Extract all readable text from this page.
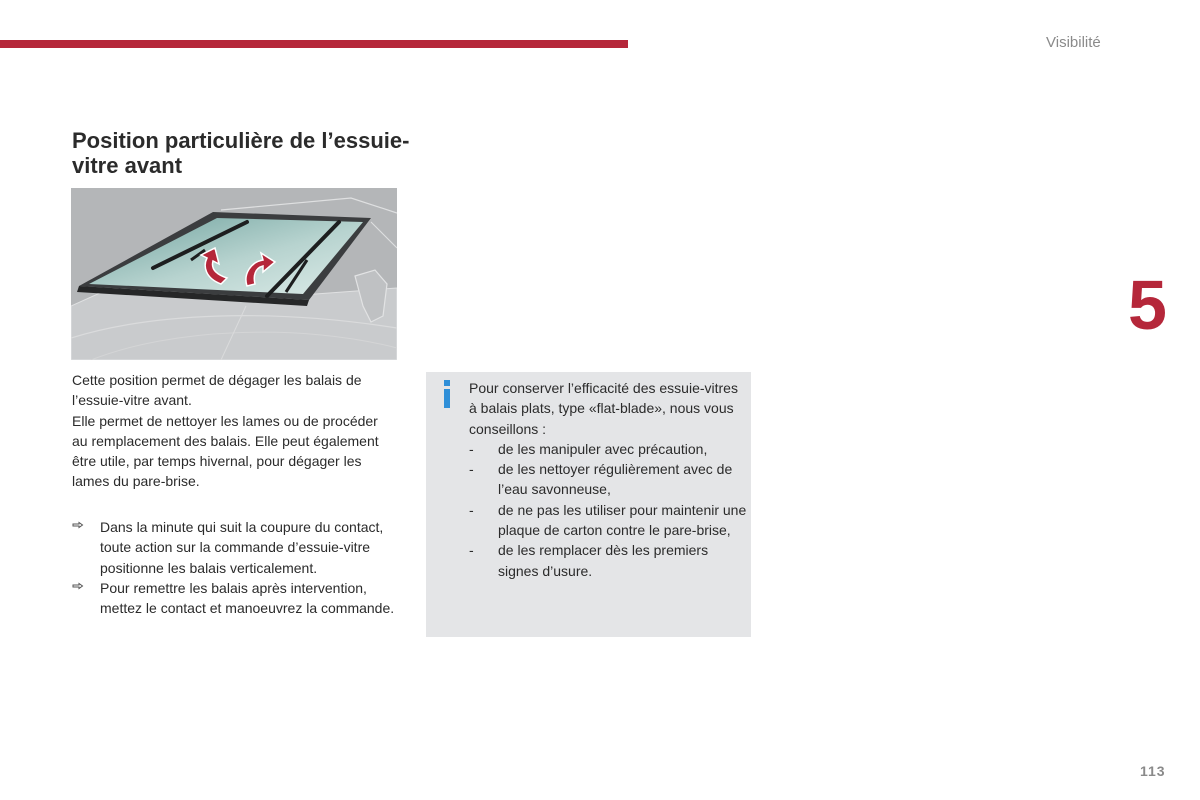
Visibilité
5
113
Position particulière de l’essuie-vitre avant

Cette position permet de dégager les balais de l’essuie-vitre avant.

Elle permet de nettoyer les lames ou de procéder au remplacement des balais. Elle peut également être utile, par temps hivernal, pour dégager les lames du pare-brise.

Dans la minute qui suit la coupure du contact, toute action sur la commande d’essuie-vitre positionne les balais verticalement.
Pour remettre les balais après intervention, mettez le contact et manoeuvrez la commande.

Pour conserver l’efficacité des essuie-vitres à balais plats, type «flat-blade», nous vous conseillons :

- de les manipuler avec précaution,
- de les nettoyer régulièrement avec de l’eau savonneuse,
- de ne pas les utiliser pour maintenir une plaque de carton contre le pare-brise,
- de les remplacer dès les premiers signes d’usure.
